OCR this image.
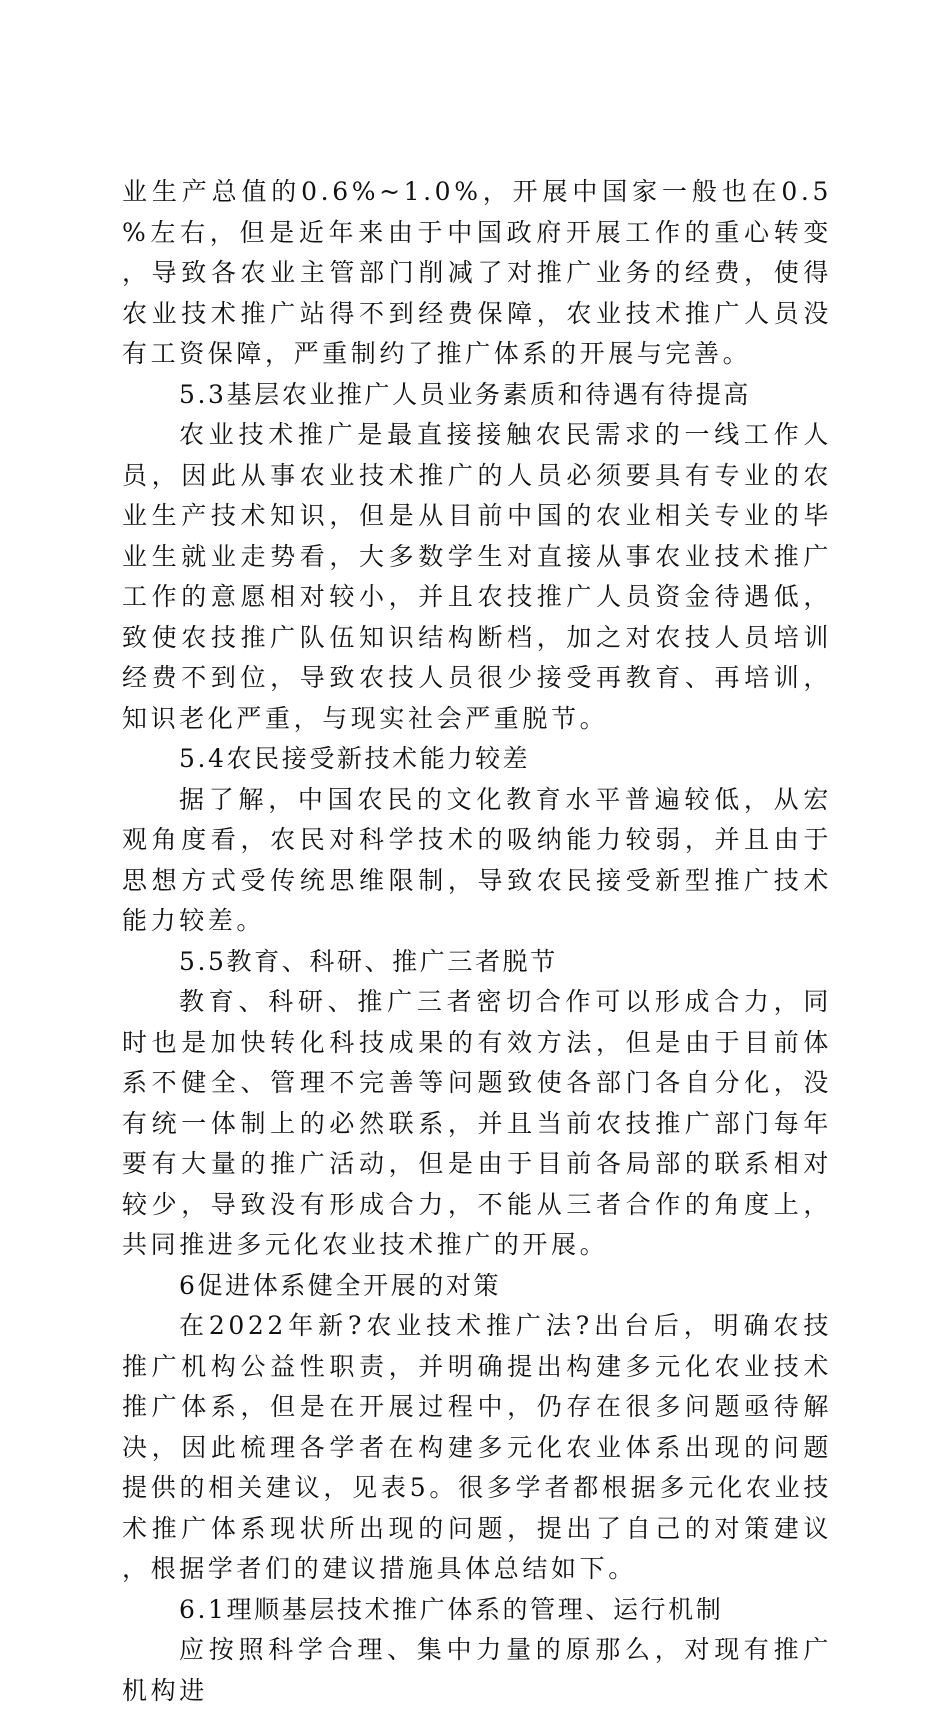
业生产总值的0.6%~1.0%，开展中国家一般也在0.5%左右，但是近年来由于中国政府开展工作的重心转变，导致各农业主管部门削减了对推广业务的经费，使得农业技术推广站得不到经费保障，农业技术推广人员没有工资保障，严重制约了推广体系的开展与完善。

5.3基层农业推广人员业务素质和待遇有待提高

农业技术推广是最直接接触农民需求的一线工作人员，因此从事农业技术推广的人员必须要具有专业的农业生产技术知识，但是从目前中国的农业相关专业的毕业生就业走势看，大多数学生对直接从事农业技术推广工作的意愿相对较小，并且农技推广人员资金待遇低，致使农技推广队伍知识结构断档，加之对农技人员培训经费不到位，导致农技人员很少接受再教育、再培训，知识老化严重，与现实社会严重脱节。

5.4农民接受新技术能力较差

据了解，中国农民的文化教育水平普遍较低，从宏观角度看，农民对科学技术的吸纳能力较弱，并且由于思想方式受传统思维限制，导致农民接受新型推广技术能力较差。

5.5教育、科研、推广三者脱节

教育、科研、推广三者密切合作可以形成合力，同时也是加快转化科技成果的有效方法，但是由于目前体系不健全、管理不完善等问题致使各部门各自分化，没有统一体制上的必然联系，并且当前农技推广部门每年要有大量的推广活动，但是由于目前各局部的联系相对较少，导致没有形成合力，不能从三者合作的角度上，共同推进多元化农业技术推广的开展。

6促进体系健全开展的对策

在2022年新?农业技术推广法?出台后，明确农技推广机构公益性职责，并明确提出构建多元化农业技术推广体系，但是在开展过程中，仍存在很多问题亟待解决，因此梳理各学者在构建多元化农业体系出现的问题提供的相关建议，见表5。很多学者都根据多元化农业技术推广体系现状所出现的问题，提出了自己的对策建议，根据学者们的建议措施具体总结如下。

6.1理顺基层技术推广体系的管理、运行机制

应按照科学合理、集中力量的原那么，对现有推广机构进
